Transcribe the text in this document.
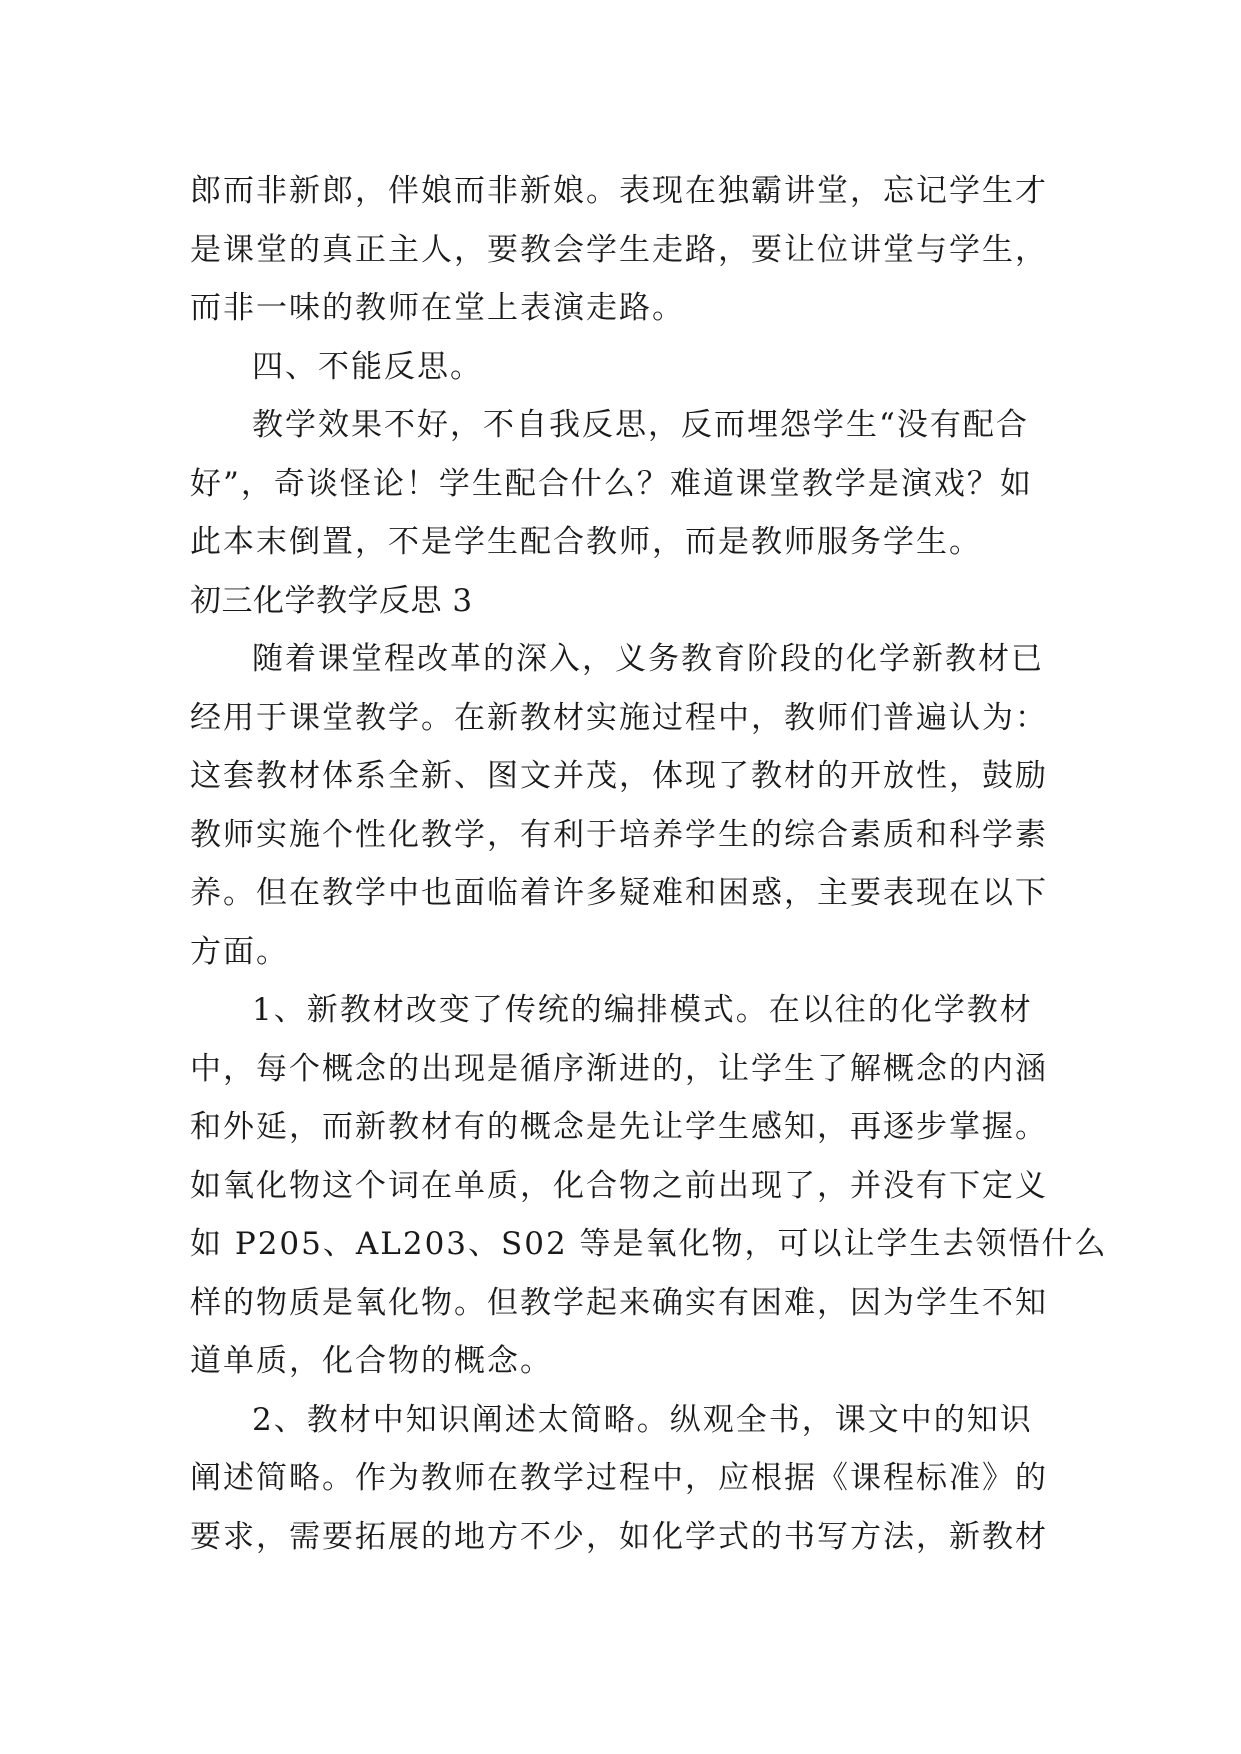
郎而非新郎，伴娘而非新娘。表现在独霸讲堂，忘记学生才

是课堂的真正主人，要教会学生走路，要让位讲堂与学生，

而非一味的教师在堂上表演走路。

四、不能反思。

教学效果不好，不自我反思，反而埋怨学生“没有配合

好”，奇谈怪论！学生配合什么？难道课堂教学是演戏？如

此本末倒置，不是学生配合教师，而是教师服务学生。

初三化学教学反思 3

随着课堂程改革的深入，义务教育阶段的化学新教材已

经用于课堂教学。在新教材实施过程中，教师们普遍认为：

这套教材体系全新、图文并茂，体现了教材的开放性，鼓励

教师实施个性化教学，有利于培养学生的综合素质和科学素

养。但在教学中也面临着许多疑难和困惑，主要表现在以下

方面。

1、新教材改变了传统的编排模式。在以往的化学教材

中，每个概念的出现是循序渐进的，让学生了解概念的内涵

和外延，而新教材有的概念是先让学生感知，再逐步掌握。

如氧化物这个词在单质，化合物之前出现了，并没有下定义

如 P205、AL203、S02 等是氧化物，可以让学生去领悟什么

样的物质是氧化物。但教学起来确实有困难，因为学生不知

道单质，化合物的概念。

2、教材中知识阐述太简略。纵观全书，课文中的知识

阐述简略。作为教师在教学过程中，应根据《课程标准》的

要求，需要拓展的地方不少，如化学式的书写方法，新教材
